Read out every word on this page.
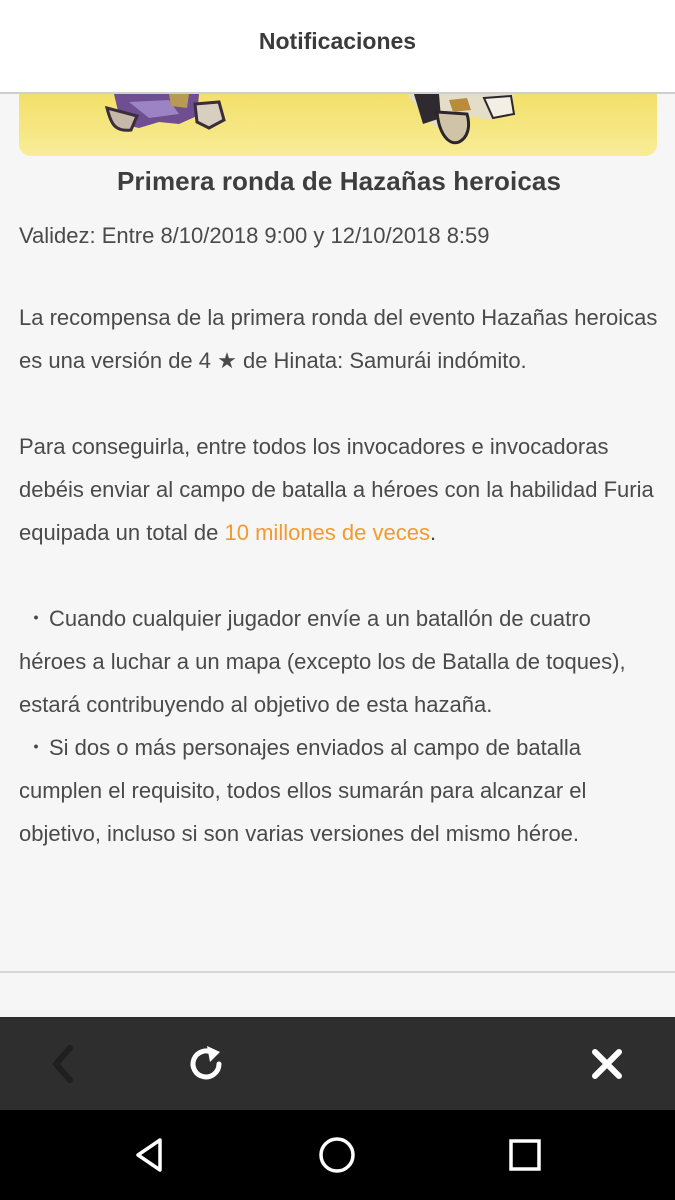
Notificaciones
Primera ronda de Hazañas heroicas
Validez: Entre 8/10/2018 9:00 y 12/10/2018 8:59
La recompensa de la primera ronda del evento Hazañas heroicas es una versión de 4 ★ de Hinata: Samurái indómito.
Para conseguirla, entre todos los invocadores e invocadoras debéis enviar al campo de batalla a héroes con la habilidad Furia equipada un total de 10 millones de veces.
・Cuando cualquier jugador envíe a un batallón de cuatro héroes a luchar a un mapa (excepto los de Batalla de toques), estará contribuyendo al objetivo de esta hazaña.
・Si dos o más personajes enviados al campo de batalla cumplen el requisito, todos ellos sumarán para alcanzar el objetivo, incluso si son varias versiones del mismo héroe.
